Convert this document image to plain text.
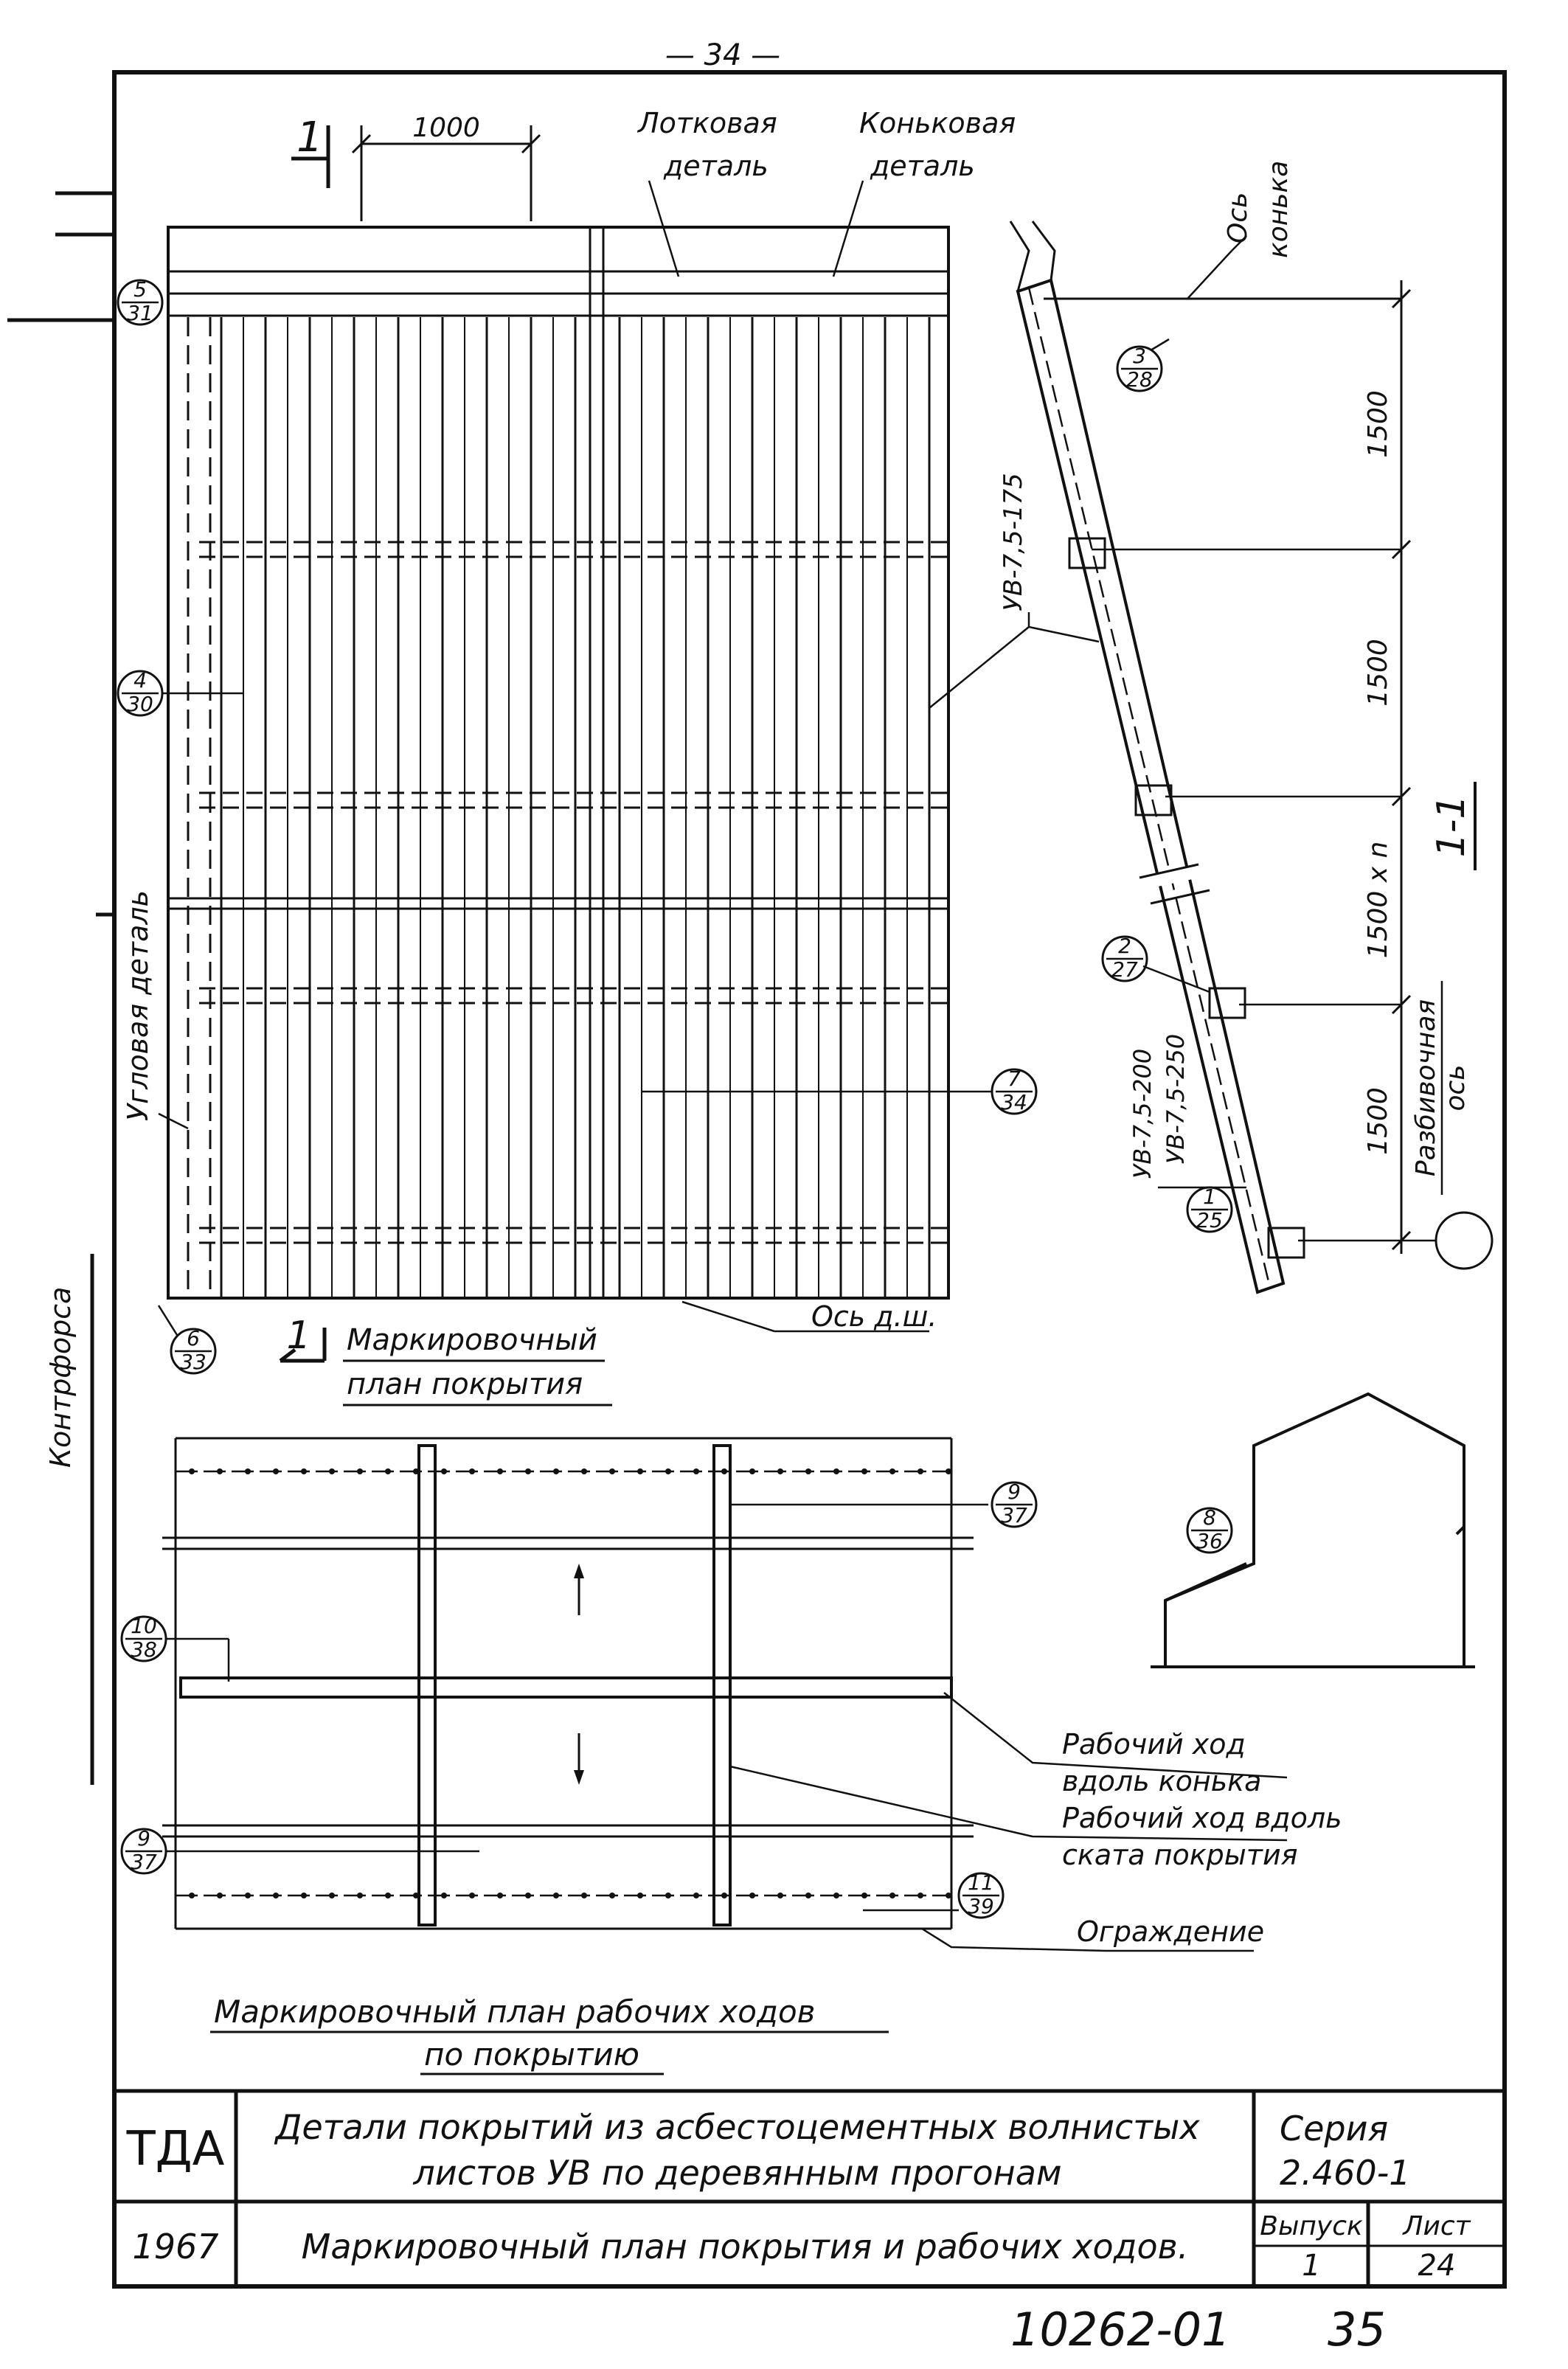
— 34 —
1000
1	Лотковая
деталь
Коньковая
деталь
Угловая деталь
Контрфорса	1 Маркировочный
план покрытия
Ось д.ш.
5
31
4
30
6
33
7
34
Ось конька
1500
1500
1500 х n
1500
1-1
Разбивочная ось
УВ-7,5-175
УВ-7,5-200 УВ-7,5-250
3
28
2
27
1
25
Рабочий ход
вдоль конька
Рабочий ход вдоль
ската покрытия
Ограждение
9
37
10
38
9
37
11
39
8
36
Маркировочный план рабочих ходов
по покрытию
ТДА
1967
Детали покрытий из асбестоцементных волнистых
листов УВ по деревянным прогонам
Маркировочный план покрытия и рабочих ходов.
Серия
2.460-1
Выпуск
1
Лист
24
10262-01 35
